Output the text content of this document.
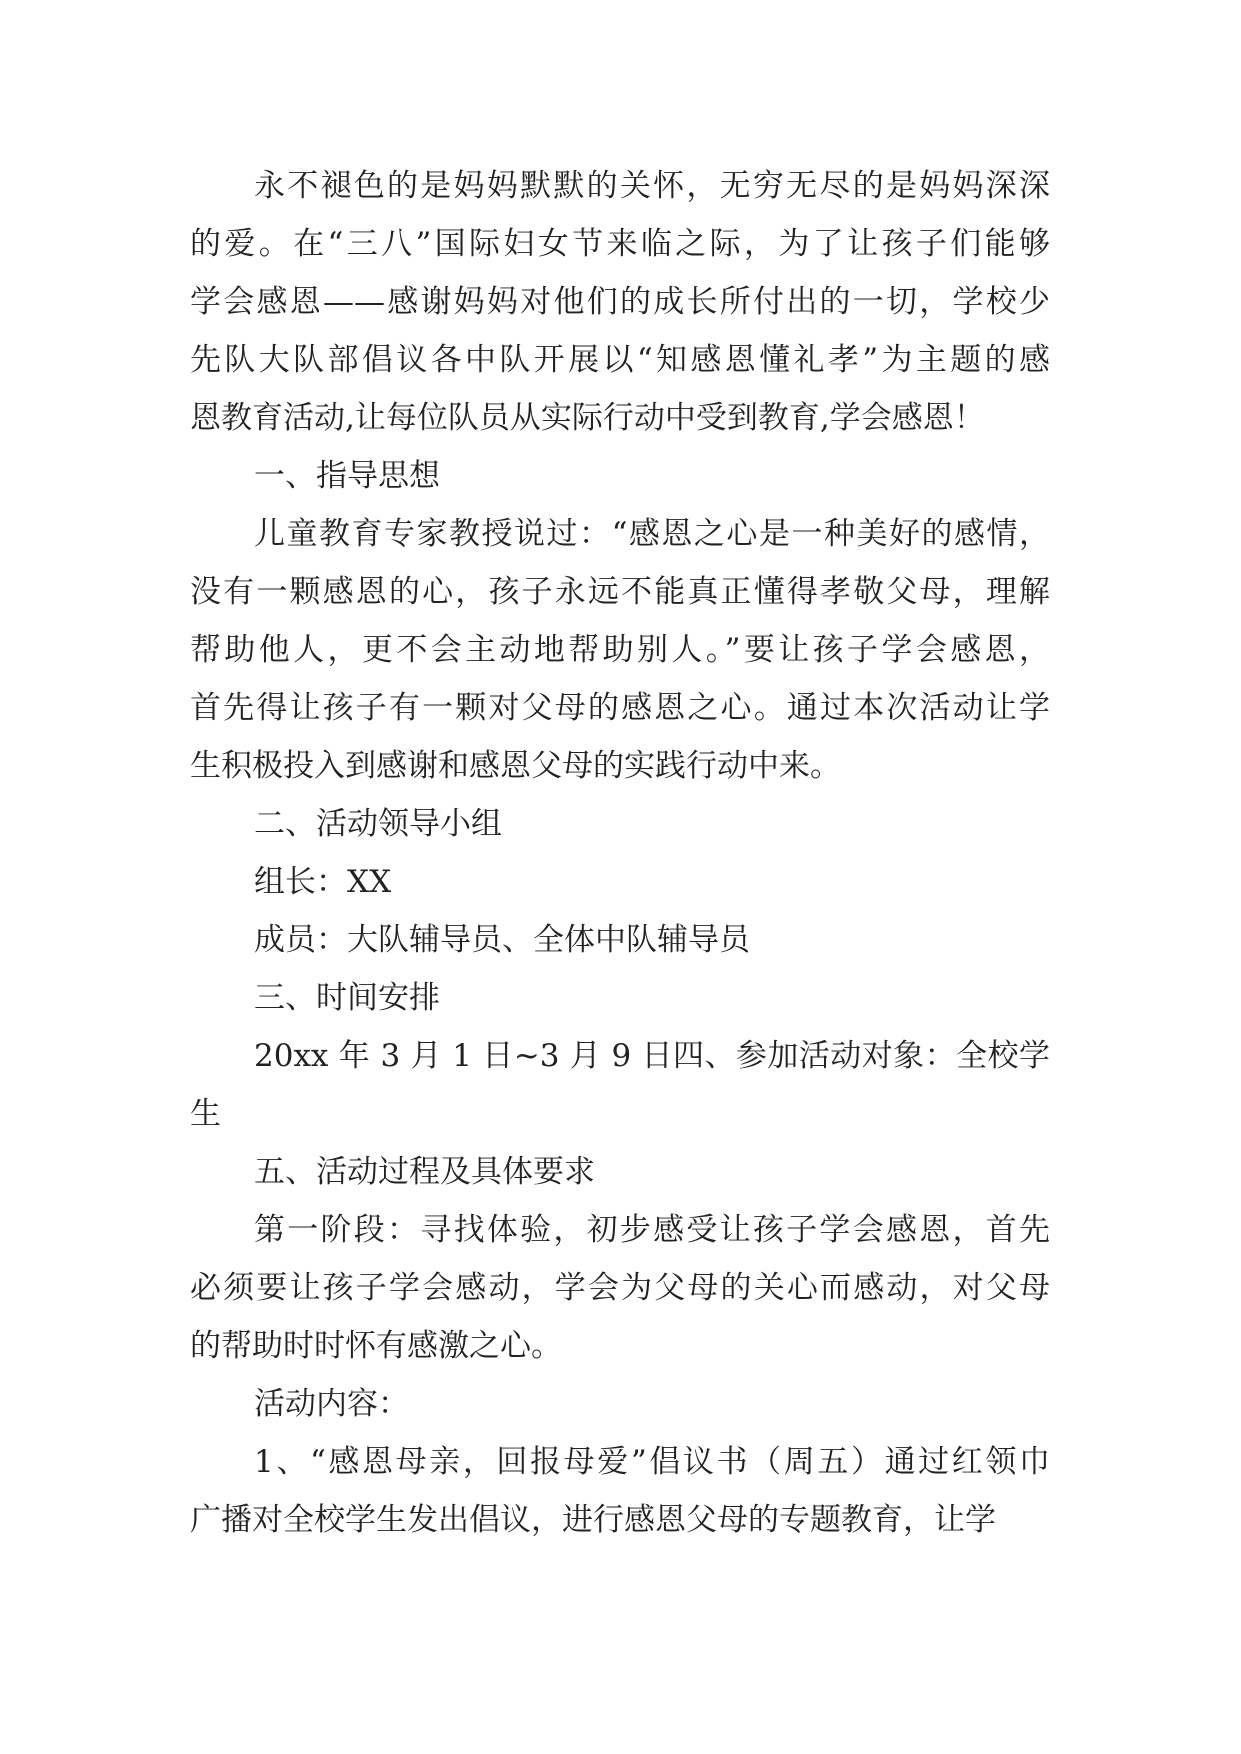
永不褪色的是妈妈默默的关怀，无穷无尽的是妈妈深深
的爱。在“三八”国际妇女节来临之际，为了让孩子们能够
学会感恩——感谢妈妈对他们的成长所付出的一切，学校少
先队大队部倡议各中队开展以“知感恩懂礼孝”为主题的感
恩教育活动,让每位队员从实际行动中受到教育,学会感恩！
一、指导思想
儿童教育专家教授说过：“感恩之心是一种美好的感情，
没有一颗感恩的心，孩子永远不能真正懂得孝敬父母，理解
帮助他人，更不会主动地帮助别人。”要让孩子学会感恩，
首先得让孩子有一颗对父母的感恩之心。通过本次活动让学
生积极投入到感谢和感恩父母的实践行动中来。
二、活动领导小组
组长：XX
成员：大队辅导员、全体中队辅导员
三、时间安排
20xx 年 3 月 1 日~3 月 9 日四、参加活动对象：全校学
生
五、活动过程及具体要求
第一阶段：寻找体验，初步感受让孩子学会感恩，首先
必须要让孩子学会感动，学会为父母的关心而感动，对父母
的帮助时时怀有感激之心。
活动内容：
1、“感恩母亲，回报母爱”倡议书（周五）通过红领巾
广播对全校学生发出倡议，进行感恩父母的专题教育，让学
